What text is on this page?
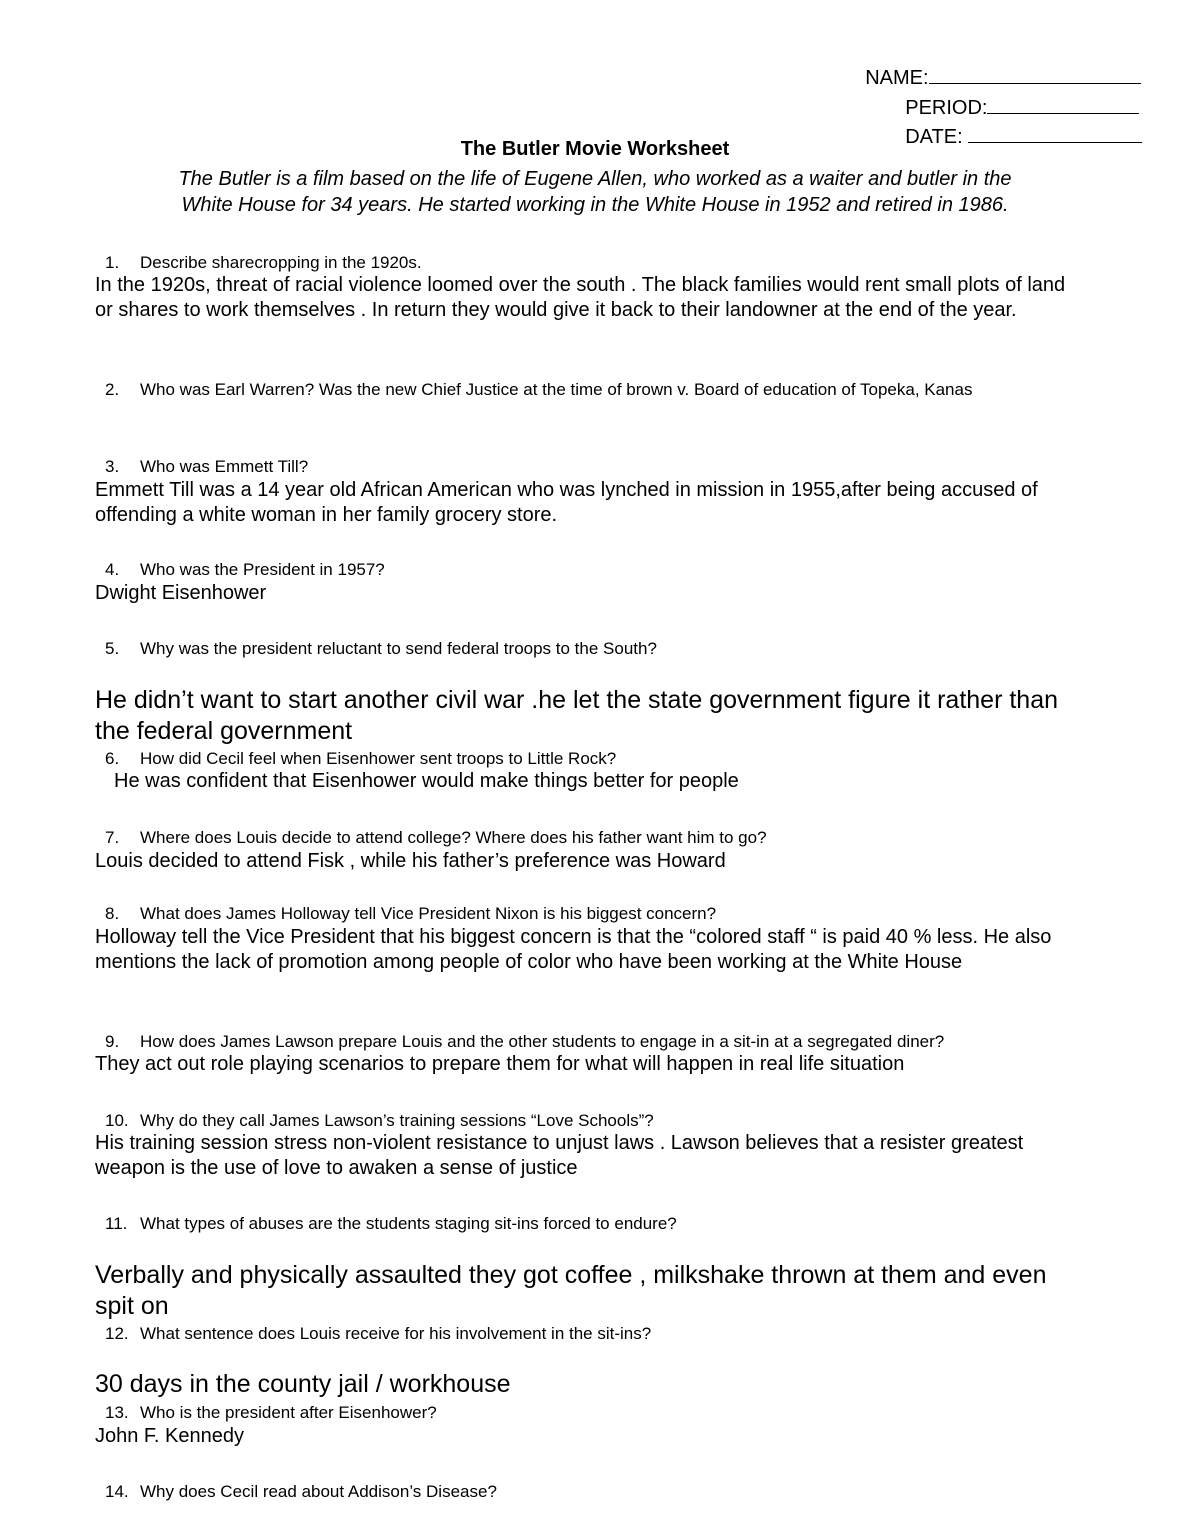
NAME:

PERIOD:

DATE:

The Butler Movie Worksheet
The Butler is a film based on the life of Eugene Allen, who worked as a waiter and butler in the
White House for 34 years. He started working in the White House in 1952 and retired in 1986.
1. Describe sharecropping in the 1920s.
In the 1920s, threat of racial violence loomed over the south . The black families would rent small plots of land or shares to work themselves . In return they would give it back to their landowner at the end of the year.
2. Who was Earl Warren? Was the new Chief Justice at the time of brown v. Board of education of Topeka, Kanas
3. Who was Emmett Till?
Emmett Till was a 14 year old African American who was lynched in mission in 1955,after being accused of offending a white woman in her family grocery store.
4. Who was the President in 1957?
Dwight Eisenhower
5. Why was the president reluctant to send federal troops to the South?
He didn’t want to start another civil war .he let the state government figure it rather than the federal government
6. How did Cecil feel when Eisenhower sent troops to Little Rock?
He was confident that Eisenhower would make things better for people
7. Where does Louis decide to attend college? Where does his father want him to go?
Louis decided to attend Fisk , while his father’s preference was Howard
8. What does James Holloway tell Vice President Nixon is his biggest concern?
Holloway tell the Vice President that his biggest concern is that the “colored staff “ is paid 40 % less. He also mentions the lack of promotion among people of color who have been working at the White House
9. How does James Lawson prepare Louis and the other students to engage in a sit-in at a segregated diner?
They act out role playing scenarios to prepare them for what will happen in real life situation
10. Why do they call James Lawson’s training sessions “Love Schools”?
His training session stress non-violent resistance to unjust laws . Lawson believes that a resister greatest weapon is the use of love to awaken a sense of justice
11. What types of abuses are the students staging sit-ins forced to endure?
Verbally and physically assaulted they got coffee , milkshake thrown at them and even spit on
12. What sentence does Louis receive for his involvement in the sit-ins?
30 days in the county jail / workhouse
13. Who is the president after Eisenhower?
John F. Kennedy
14. Why does Cecil read about Addison’s Disease?
